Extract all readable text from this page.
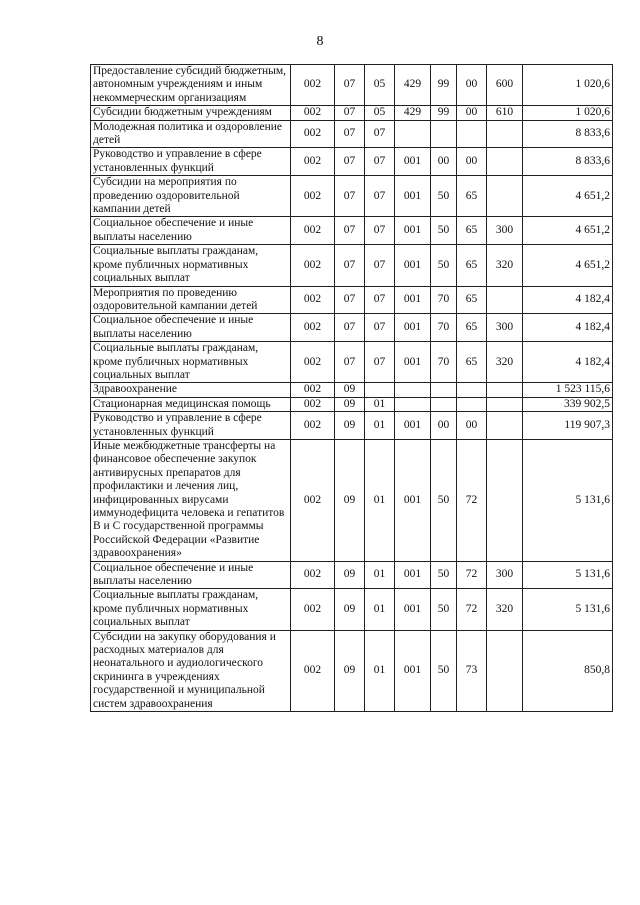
8
Предоставление субсидий бюджетным, автономным учреждениям и иным некоммерческим организациям	002	07	05	429	99	00	600	1 020,6
Субсидии бюджетным учреждениям	002	07	05	429	99	00	610	1 020,6
Молодежная политика и оздоровление детей	002	07	07					8 833,6
Руководство и управление в сфере установленных функций	002	07	07	001	00	00		8 833,6
Субсидии на мероприятия по проведению оздоровительной кампании детей	002	07	07	001	50	65		4 651,2
Социальное обеспечение и иные выплаты населению	002	07	07	001	50	65	300	4 651,2
Социальные выплаты гражданам, кроме публичных нормативных социальных выплат	002	07	07	001	50	65	320	4 651,2
Мероприятия по проведению оздоровительной кампании детей	002	07	07	001	70	65		4 182,4
Социальное обеспечение и иные выплаты населению	002	07	07	001	70	65	300	4 182,4
Социальные выплаты гражданам, кроме публичных нормативных социальных выплат	002	07	07	001	70	65	320	4 182,4
Здравоохранение	002	09						1 523 115,6
Стационарная медицинская помощь	002	09	01					339 902,5
Руководство и управление в сфере установленных функций	002	09	01	001	00	00		119 907,3
Иные межбюджетные трансферты на финансовое обеспечение закупок антивирусных препаратов для профилактики и лечения лиц, инфицированных вирусами иммунодефицита человека и гепатитов В и С государственной программы Российской Федерации «Развитие здравоохранения»	002	09	01	001	50	72		5 131,6
Социальное обеспечение и иные выплаты населению	002	09	01	001	50	72	300	5 131,6
Социальные выплаты гражданам, кроме публичных нормативных социальных выплат	002	09	01	001	50	72	320	5 131,6
Субсидии на закупку оборудования и расходных материалов для неонатального и аудиологического скрининга в учреждениях государственной и муниципальной систем здравоохранения	002	09	01	001	50	73		850,8
